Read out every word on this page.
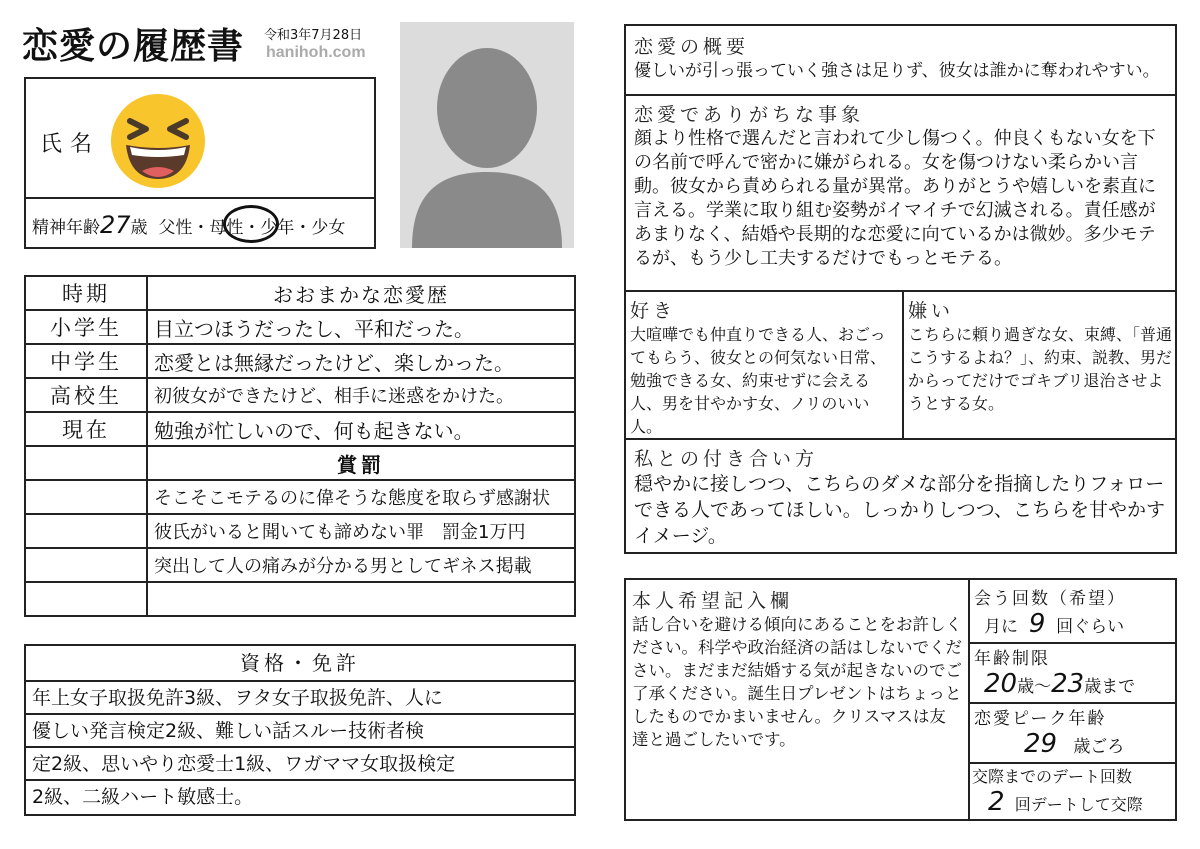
恋愛の履歴書 令和3年7月28日
hanihoh.com
氏名
精神年齢27歳 父性・母性・少年・少女
時期	おおまかな恋愛歴
小学生	目立つほうだったし、平和だった。
中学生	恋愛とは無縁だったけど、楽しかった。
高校生	初彼女ができたけど、相手に迷惑をかけた。
現在	勉強が忙しいので、何も起きない。
	賞罰
	そこそこモテるのに偉そうな態度を取らず感謝状
	彼氏がいると聞いても諦めない罪　罰金1万円
	突出して人の痛みが分かる男としてギネス掲載

資格・免許
年上女子取扱免許3級、ヲタ女子取扱免許、人に
優しい発言検定2級、難しい話スルー技術者検
定2級、思いやり恋愛士1級、ワガママ女取扱検定
2級、二級ハート敏感士。
恋愛の概要
優しいが引っ張っていく強さは足りず、彼女は誰かに奪われやすい。
恋愛でありがちな事象
顔より性格で選んだと言われて少し傷つく。仲良くもない女を下の名前で呼んで密かに嫌がられる。女を傷つけない柔らかい言動。彼女から責められる量が異常。ありがとうや嬉しいを素直に言える。学業に取り組む姿勢がイマイチで幻滅される。責任感があまりなく、結婚や長期的な恋愛に向ているかは微妙。多少モテるが、もう少し工夫するだけでもっとモテる。
好き
大喧嘩でも仲直りできる人、おごってもらう、彼女との何気ない日常、勉強できる女、約束せずに会える人、男を甘やかす女、ノリのいい人。
嫌い
こちらに頼り過ぎな女、束縛、「普通こうするよね？」、約束、説教、男だからってだけでゴキブリ退治させようとする女。
私との付き合い方
穏やかに接しつつ、こちらのダメな部分を指摘したりフォローできる人であってほしい。しっかりしつつ、こちらを甘やかすイメージ。
本人希望記入欄
話し合いを避ける傾向にあることをお許しください。科学や政治経済の話はしないでください。まだまだ結婚する気が起きないのでご了承ください。誕生日プレゼントはちょっとしたものでかまいません。クリスマスは友達と過ごしたいです。
会う回数（希望）
月に 9 回ぐらい
年齢制限
20歳～23歳まで
恋愛ピーク年齢
29 歳ごろ
交際までのデート回数
2 回デートして交際
